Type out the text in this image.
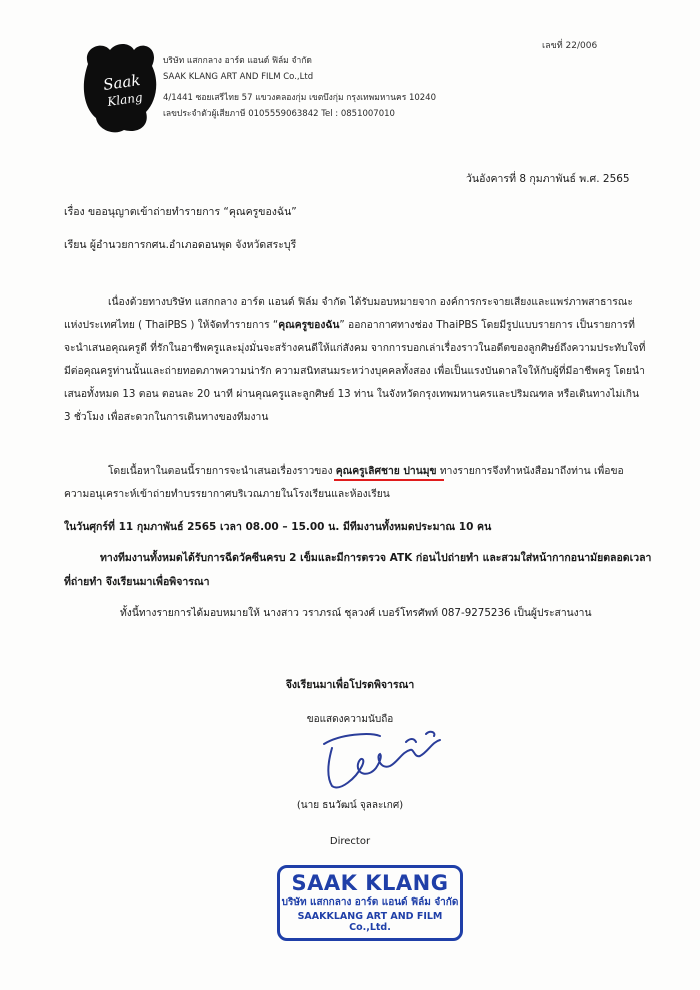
Saak
Klang
บริษัท แสกกลาง อาร์ต แอนด์ ฟิล์ม จำกัด
SAAK KLANG ART AND FILM Co.,Ltd
4/1441 ซอยเสรีไทย 57 แขวงคลองกุ่ม เขตบึงกุ่ม กรุงเทพมหานคร 10240
เลขประจำตัวผู้เสียภาษี 0105559063842 Tel : 0851007010
เลขที่ 22/006
วันอังคารที่ 8 กุมภาพันธ์ พ.ศ. 2565
เรื่อง ขออนุญาตเข้าถ่ายทำรายการ “คุณครูของฉัน”
เรียน ผู้อำนวยการกศน.อำเภอดอนพุด จังหวัดสระบุรี
เนื่องด้วยทางบริษัท แสกกลาง อาร์ต แอนด์ ฟิล์ม จำกัด ได้รับมอบหมายจาก องค์การกระจายเสียงและแพร่ภาพสาธารณะแห่งประเทศไทย ( ThaiPBS ) ให้จัดทำรายการ “คุณครูของฉัน” ออกอากาศทางช่อง ThaiPBS โดยมีรูปแบบรายการ เป็นรายการที่จะนำเสนอคุณครูดี ที่รักในอาชีพครูและมุ่งมั่นจะสร้างคนดีให้แก่สังคม จากการบอกเล่าเรื่องราวในอดีตของลูกศิษย์ถึงความประทับใจที่มีต่อคุณครูท่านนั้นและถ่ายทอดภาพความน่ารัก ความสนิทสนมระหว่างบุคคลทั้งสอง เพื่อเป็นแรงบันดาลใจให้กับผู้ที่มีอาชีพครู โดยนำเสนอทั้งหมด 13 ตอน ตอนละ 20 นาที ผ่านคุณครูและลูกศิษย์ 13 ท่าน ในจังหวัดกรุงเทพมหานครและปริมณฑล หรือเดินทางไม่เกิน 3 ชั่วโมง เพื่อสะดวกในการเดินทางของทีมงาน
โดยเนื้อหาในตอนนี้รายการจะนำเสนอเรื่องราวของ คุณครูเลิศชาย ปานมุข ทางรายการจึงทำหนังสือมาถึงท่าน เพื่อขอความอนุเคราะห์เข้าถ่ายทำบรรยากาศบริเวณภายในโรงเรียนและห้องเรียน
ในวันศุกร์ที่ 11 กุมภาพันธ์ 2565 เวลา 08.00 – 15.00 น. มีทีมงานทั้งหมดประมาณ 10 คน
ทางทีมงานทั้งหมดได้รับการฉีดวัคซีนครบ 2 เข็มและมีการตรวจ ATK ก่อนไปถ่ายทำ และสวมใส่หน้ากากอนามัยตลอดเวลาที่ถ่ายทำ จึงเรียนมาเพื่อพิจารณา
ทั้งนี้ทางรายการได้มอบหมายให้ นางสาว วราภรณ์ ชุลวงศ์ เบอร์โทรศัพท์ 087-9275236 เป็นผู้ประสานงาน
จึงเรียนมาเพื่อโปรดพิจารณา
ขอแสดงความนับถือ
(นาย ธนวัฒน์ จุลละเกศ)
Director
SAAK KLANG
บริษัท แสกกลาง อาร์ต แอนด์ ฟิล์ม จำกัด
SAAKKLANG ART AND FILM Co.,Ltd.
